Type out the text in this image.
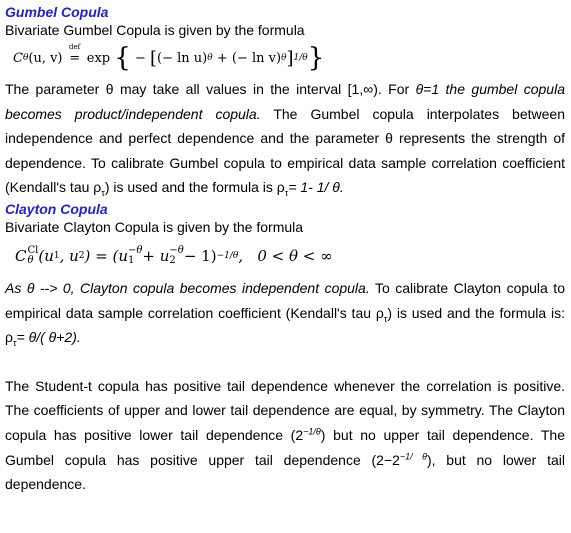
Gumbel Copula
Bivariate Gumbel Copula is given by the formula
C θ (u, v)

def
=
exp
{
−
[ (− ln u) θ
+
(− ln v) θ ] 1/θ }
The parameter θ may take all values in the interval [1,∞). For θ=1 the gumbel copula becomes product/independent copula. The Gumbel copula interpolates between independence and perfect dependence and the parameter θ represents the strength of dependence. To calibrate Gumbel copula to empirical data sample correlation coefficient (Kendall's tau $\rho_\tau$) is used and the formula is $\rho_\tau= 1-$ 1/ θ.
Clayton Copula
Bivariate Clayton Copula is given by the formula
C Cl
θ (u 1 , u 2 ) = (u −θ
1 + u −θ
2 − 1) −1/θ ,   0 < θ < ∞
As θ --> 0, Clayton copula becomes independent copula. To calibrate Clayton copula to empirical data sample correlation coefficient (Kendall's tau $\rho_\tau$) is used and the formula is: $\rho_\tau= \theta/$( θ+2).
The Student-t copula has positive tail dependence whenever the correlation is positive. The coefficients of upper and lower tail dependence are equal, by symmetry. The Clayton copula has positive lower tail dependence $(2^{-1/\theta})$ but no upper tail dependence. The Gumbel copula has positive upper tail dependence $(2-2^{-1/ \theta})$, but no lower tail dependence.
